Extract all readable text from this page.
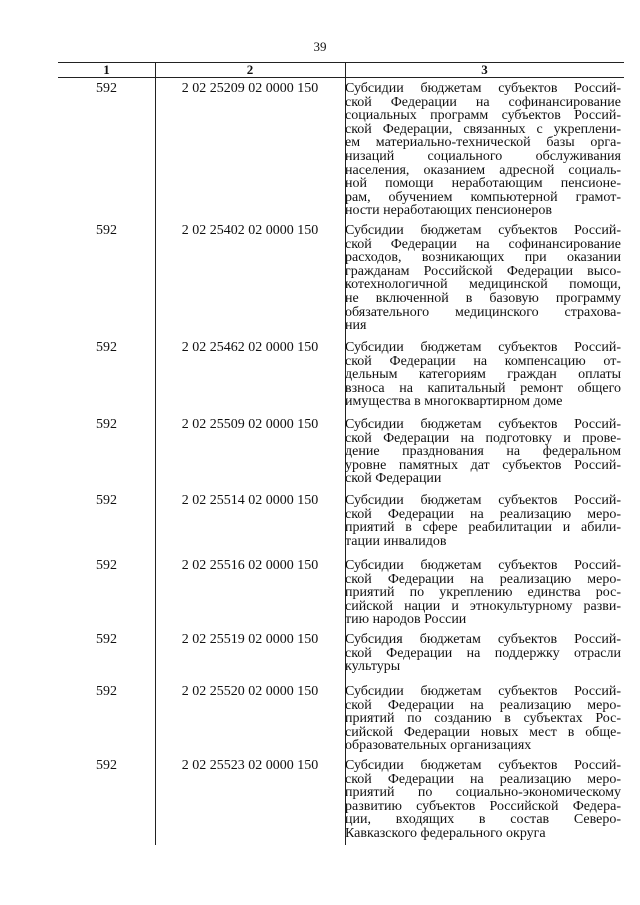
39
1	2	3
592	2 02 25209 02 0000 150	Субсидии бюджетам субъектов Россий-
ской Федерации на софинансирование
социальных программ субъектов Россий-
ской Федерации, связанных с укреплени-
ем материально-технической базы орга-
низаций социального обслуживания
населения, оказанием адресной социаль-
ной помощи неработающим пенсионе-
рам, обучением компьютерной грамот-
ности неработающих пенсионеров
592	2 02 25402 02 0000 150	Субсидии бюджетам субъектов Россий-
ской Федерации на софинансирование
расходов, возникающих при оказании
гражданам Российской Федерации высо-
котехнологичной медицинской помощи,
не включенной в базовую программу
обязательного медицинского страхова-
ния
592	2 02 25462 02 0000 150	Субсидии бюджетам субъектов Россий-
ской Федерации на компенсацию от-
дельным категориям граждан оплаты
взноса на капитальный ремонт общего
имущества в многоквартирном доме
592	2 02 25509 02 0000 150	Субсидии бюджетам субъектов Россий-
ской Федерации на подготовку и прове-
дение празднования на федеральном
уровне памятных дат субъектов Россий-
ской Федерации
592	2 02 25514 02 0000 150	Субсидии бюджетам субъектов Россий-
ской Федерации на реализацию меро-
приятий в сфере реабилитации и абили-
тации инвалидов
592	2 02 25516 02 0000 150	Субсидии бюджетам субъектов Россий-
ской Федерации на реализацию меро-
приятий по укреплению единства рос-
сийской нации и этнокультурному разви-
тию народов России
592	2 02 25519 02 0000 150	Субсидия бюджетам субъектов Россий-
ской Федерации на поддержку отрасли
культуры
592	2 02 25520 02 0000 150	Субсидии бюджетам субъектов Россий-
ской Федерации на реализацию меро-
приятий по созданию в субъектах Рос-
сийской Федерации новых мест в обще-
образовательных организациях
592	2 02 25523 02 0000 150	Субсидии бюджетам субъектов Россий-
ской Федерации на реализацию меро-
приятий по социально-экономическому
развитию субъектов Российской Федера-
ции, входящих в состав Северо-
Кавказского федерального округа
